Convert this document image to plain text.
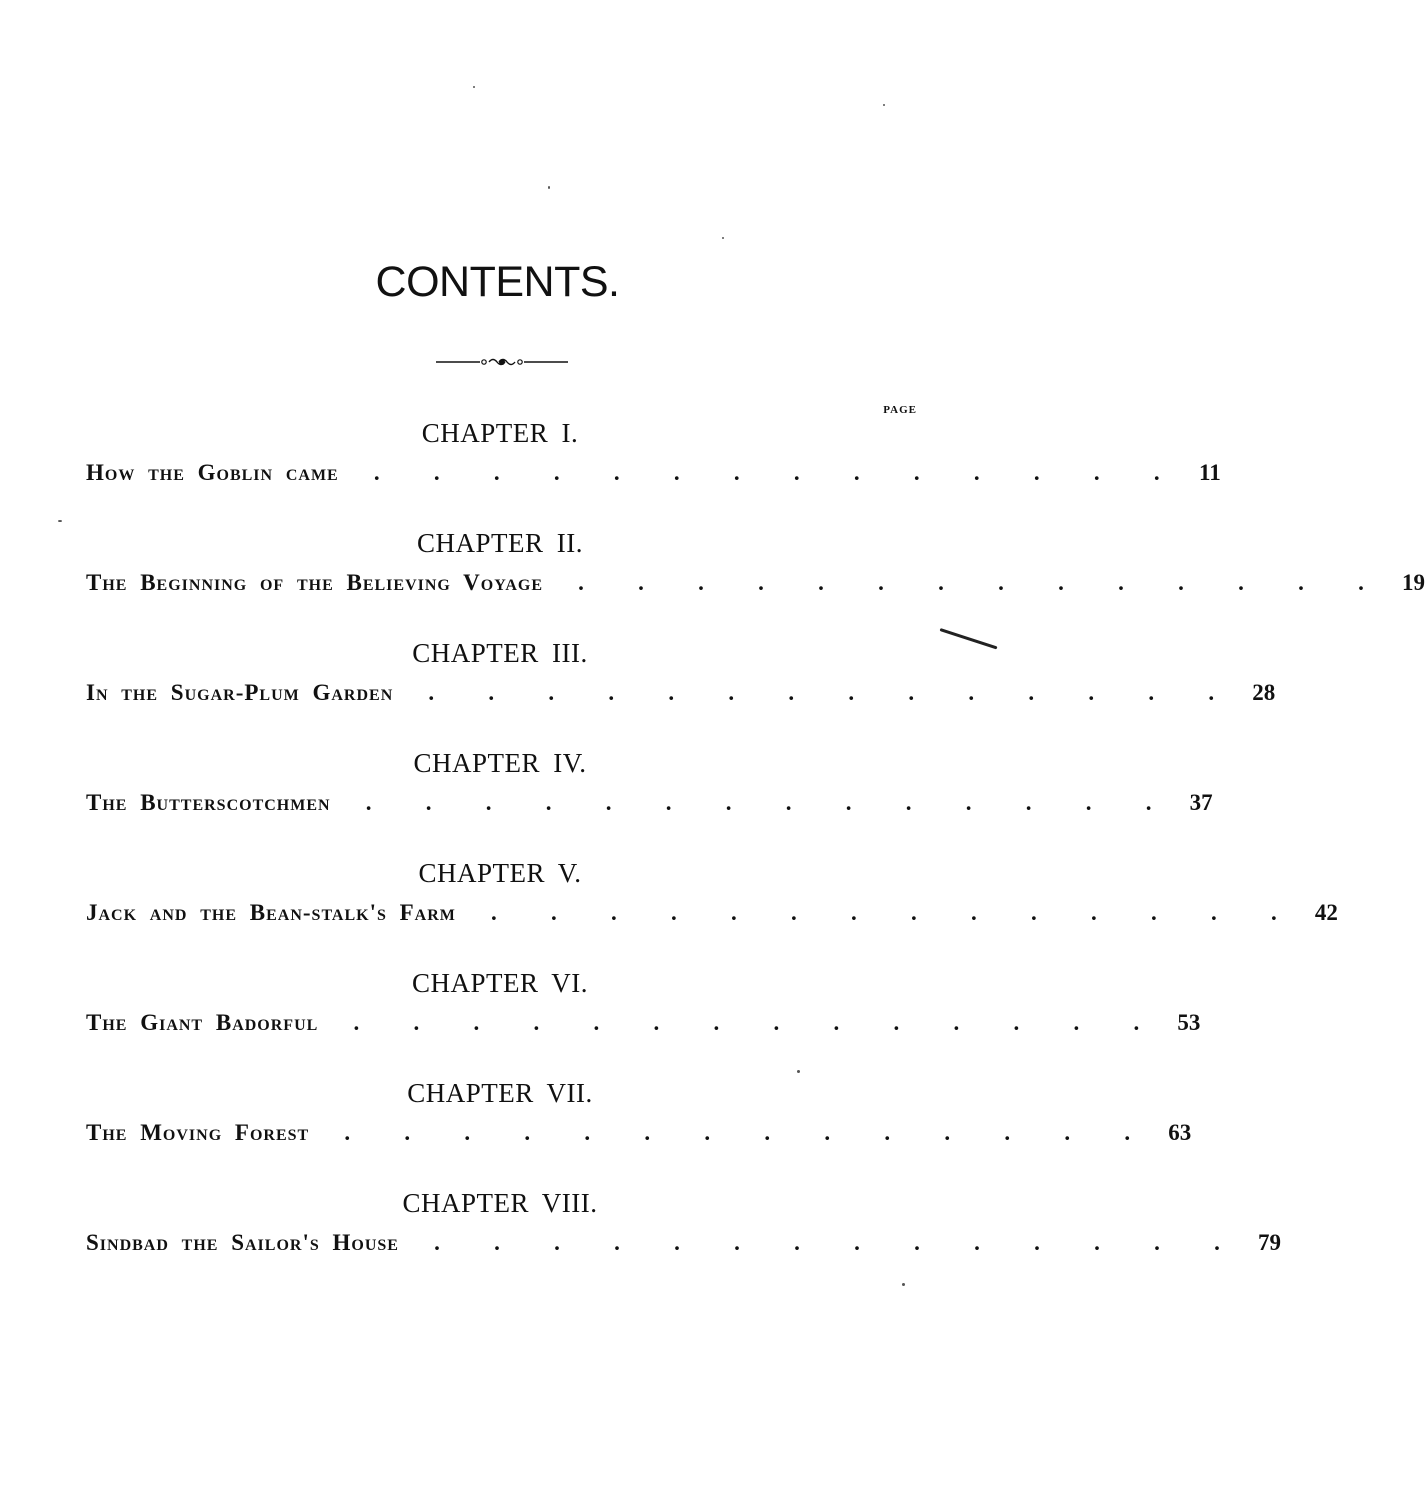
CONTENTS.
PAGE
CHAPTER I.
How the Goblin came	..............	11
CHAPTER II.
The Beginning of the Believing Voyage	..............	19
CHAPTER III.
In the Sugar-Plum Garden	..............	28
CHAPTER IV.
The Butterscotchmen	..............	37
CHAPTER V.
Jack and the Bean-stalk's Farm	..............	42
CHAPTER VI.
The Giant Badorful	..............	53
CHAPTER VII.
The Moving Forest	..............	63
CHAPTER VIII.
Sindbad the Sailor's House	..............	79
